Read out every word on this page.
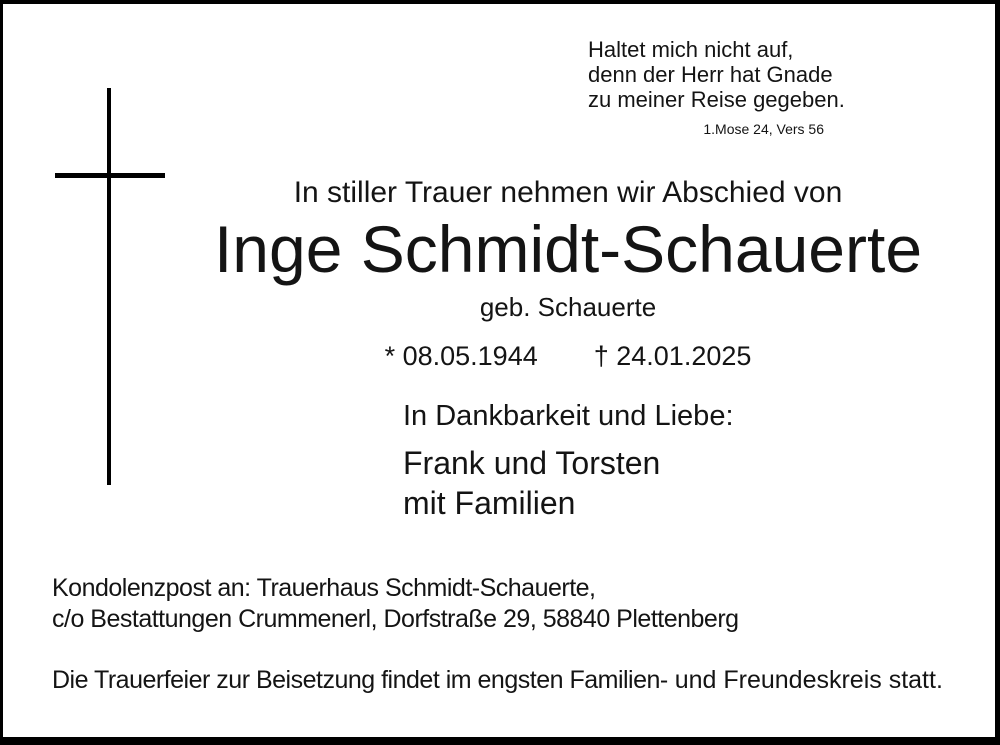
Haltet mich nicht auf,
denn der Herr hat Gnade
zu meiner Reise gegeben.
1.Mose 24, Vers 56
In stiller Trauer nehmen wir Abschied von
Inge Schmidt-Schauerte
geb. Schauerte
* 08.05.1944 † 24.01.2025
In Dankbarkeit und Liebe:
Frank und Torsten
mit Familien
Kondolenzpost an: Trauerhaus Schmidt-Schauerte,
c/o Bestattungen Crummenerl, Dorfstraße 29, 58840 Plettenberg
Die Trauerfeier zur Beisetzung findet im engsten Familien- und Freundeskreis statt.
